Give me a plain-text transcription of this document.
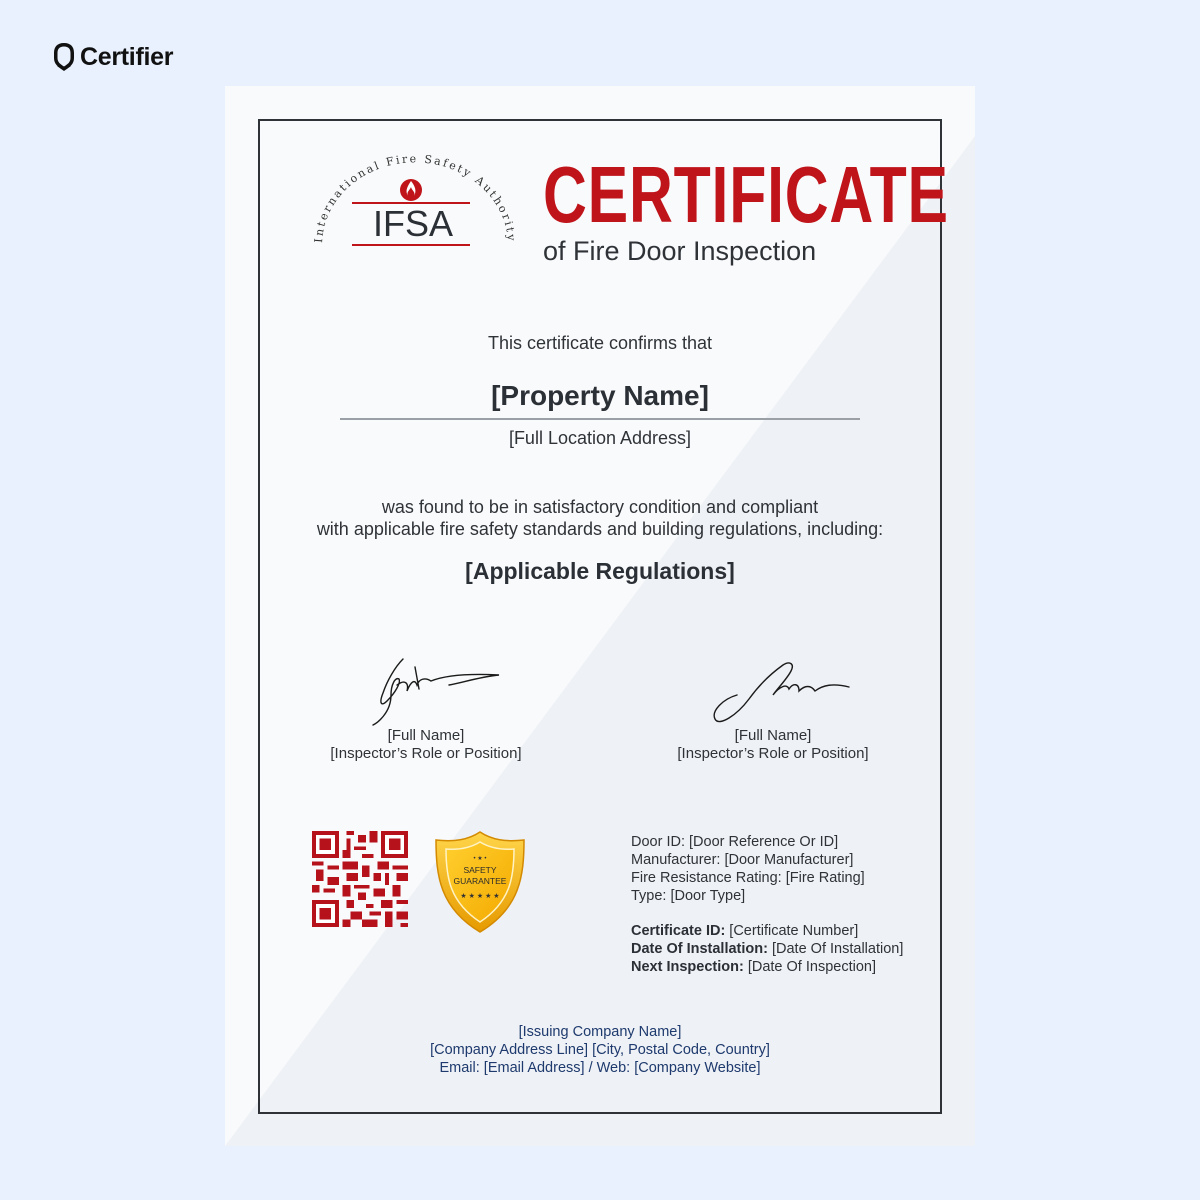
Certifier
International Fire Safety Authority
IFSA CERTIFICATE
of Fire Door Inspection
This certificate confirms that
[Property Name]
[Full Location Address]
was found to be in satisfactory condition and compliant
with applicable fire safety standards and building regulations, including:
[Applicable Regulations]
[Full Name]
[Inspector’s Role or Position]
[Full Name]
[Inspector’s Role or Position]
• ★ •
SAFETY
GUARANTEE
★ ★ ★ ★ ★
Door ID: [Door Reference Or ID]
Manufacturer: [Door Manufacturer]
Fire Resistance Rating: [Fire Rating]
Type: [Door Type]
Certificate ID: [Certificate Number]
Date Of Installation: [Date Of Installation]
Next Inspection: [Date Of Inspection]
[Issuing Company Name]
[Company Address Line] [City, Postal Code, Country]
Email: [Email Address] / Web: [Company Website]
